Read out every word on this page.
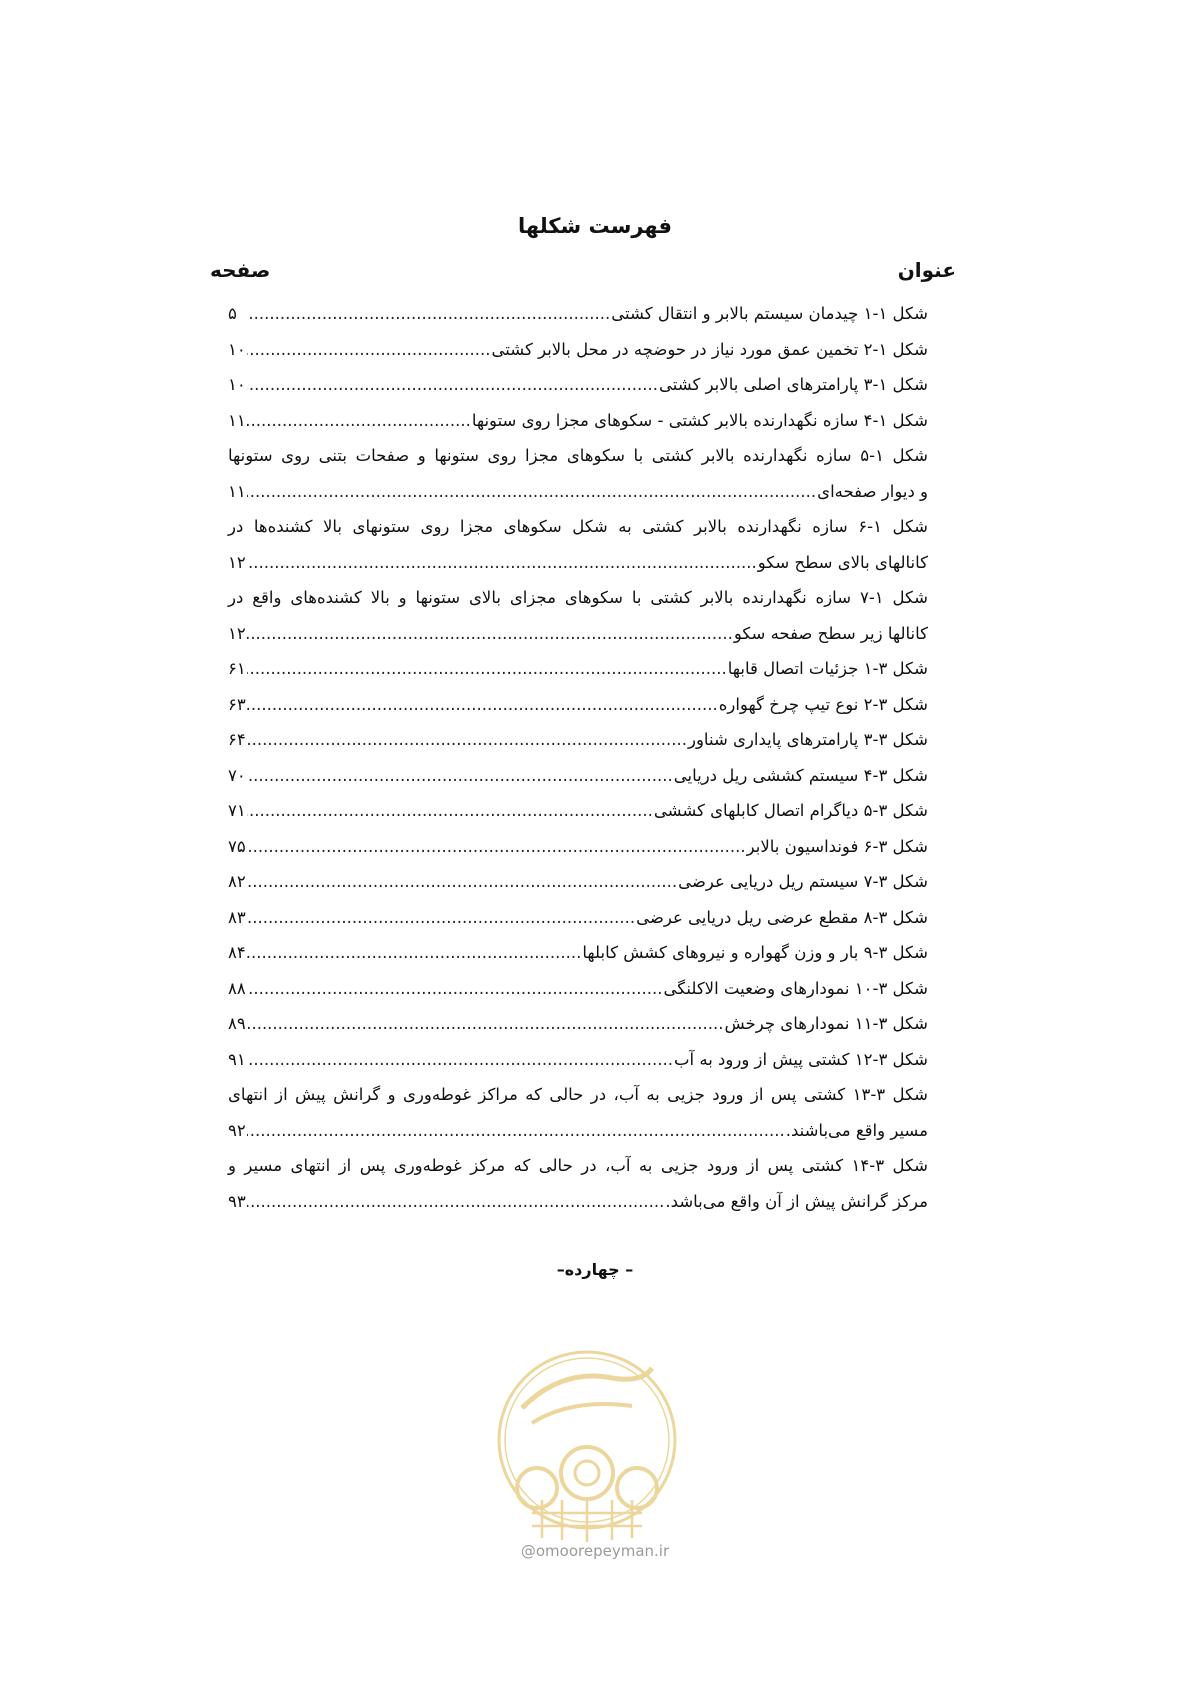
فهرست شکلها
عنوان
صفحه
شکل ۱-۱ چیدمان سیستم بالابر و انتقال کشتی
.....
۵
شکل ۱-۲ تخمین عمق مورد نیاز در حوضچه در محل بالابر کشتی
.....
۱۰
شکل ۱-۳ پارامترهای اصلی بالابر کشتی
.....
۱۰
شکل ۱-۴ سازه نگهدارنده بالابر کشتی - سکوهای مجزا روی ستونها
.....
۱۱
شکل ۱-۵ سازه نگهدارنده بالابر کشتی با سکوهای مجزا روی ستونها و صفحات بتنی روی ستونها
و دیوار صفحه‌ای
.....
۱۱
شکل ۱-۶ سازه نگهدارنده بالابر کشتی به شکل سکوهای مجزا روی ستونهای بالا کشنده‌ها در
کانالهای بالای سطح سکو
.....
۱۲
شکل ۱-۷ سازه نگهدارنده بالابر کشتی با سکوهای مجزای بالای ستونها و بالا کشنده‌های واقع در
کانالها زیر سطح صفحه سکو
.....
۱۲
شکل ۳-۱ جزئیات اتصال قابها
.....
۶۱
شکل ۳-۲ نوع تیپ چرخ گهواره
.....
۶۳
شکل ۳-۳ پارامترهای پایداری شناور
.....
۶۴
شکل ۳-۴ سیستم کششی ریل دریایی
.....
۷۰
شکل ۳-۵ دیاگرام اتصال کابلهای کششی
.....
۷۱
شکل ۳-۶ فونداسیون بالابر
.....
۷۵
شکل ۳-۷ سیستم ریل دریایی عرضی
.....
۸۲
شکل ۳-۸ مقطع عرضی ریل دریایی عرضی
.....
۸۳
شکل ۳-۹ بار و وزن گهواره و نیروهای کشش کابلها
.....
۸۴
شکل ۳-۱۰ نمودارهای وضعیت الاکلنگی
.....
۸۸
شکل ۳-۱۱ نمودارهای چرخش
.....
۸۹
شکل ۳-۱۲ کشتی پیش از ورود به آب
.....
۹۱
شکل ۳-۱۳ کشتی پس از ورود جزیی به آب، در حالی که مراکز غوطه‌وری و گرانش پیش از انتهای
مسیر واقع می‌باشند.
.....
۹۲
شکل ۳-۱۴ کشتی پس از ورود جزیی به آب، در حالی که مرکز غوطه‌وری پس از انتهای مسیر و
مرکز گرانش پیش از آن واقع می‌باشد.
.....
۹۳
– چهارده–
@omoorepeyman.ir
